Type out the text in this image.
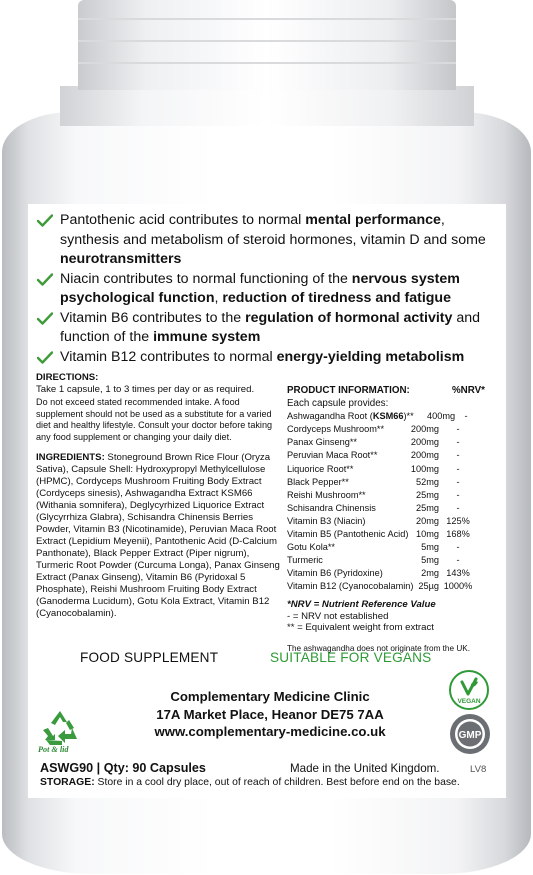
Pantothenic acid contributes to normal mental performance, synthesis and metabolism of steroid hormones, vitamin D and some neurotransmitters
Niacin contributes to normal functioning of the nervous system psychological function, reduction of tiredness and fatigue
Vitamin B6 contributes to the regulation of hormonal activity and function of the immune system
Vitamin B12 contributes to normal energy-yielding metabolism
DIRECTIONS:
Take 1 capsule, 1 to 3 times per day or as required.
Do not exceed stated recommended intake. A food supplement should not be used as a substitute for a varied diet and healthy lifestyle. Consult your doctor before taking any food supplement or changing your daily diet.
INGREDIENTS: Stoneground Brown Rice Flour (Oryza Sativa), Capsule Shell: Hydroxypropyl Methylcellulose (HPMC), Cordyceps Mushroom Fruiting Body Extract (Cordyceps sinesis), Ashwagandha Extract KSM66 (Withania somnifera), Deglycyrhized Liquorice Extract (Glycyrrhiza Glabra), Schisandra Chinensis Berries Powder, Vitamin B3 (Nicotinamide), Peruvian Maca Root Extract (Lepidium Meyenii), Pantothenic Acid (D-Calcium Panthonate), Black Pepper Extract (Piper nigrum), Turmeric Root Powder (Curcuma Longa), Panax Ginseng Extract (Panax Ginseng), Vitamin B6 (Pyridoxal 5 Phosphate), Reishi Mushroom Fruiting Body Extract (Ganoderma Lucidum), Gotu Kola Extract, Vitamin B12 (Cyanocobalamin).
PRODUCT INFORMATION:	%NRV*
Each capsule provides:
Ashwagandha Root (KSM66)**	400mg	-
Cordyceps Mushroom**	200mg	-
Panax Ginseng**	200mg	-
Peruvian Maca Root**	200mg	-
Liquorice Root**	100mg	-
Black Pepper**	52mg	-
Reishi Mushroom**	25mg	-
Schisandra Chinensis	25mg	-
Vitamin B3 (Niacin)	20mg 125%
Vitamin B5 (Pantothenic Acid) 10mg 168%
Gotu Kola**	5mg	-
Turmeric	5mg	-
Vitamin B6 (Pyridoxine)	2mg 143%
Vitamin B12 (Cyanocobalamin) 25µg 1000%
*NRV = Nutrient Reference Value
- = NRV not established
** = Equivalent weight from extract
The ashwagandha does not originate from the UK.
FOOD SUPPLEMENT	SUITABLE FOR VEGANS
Complementary Medicine Clinic
17A Market Place, Heanor DE75 7AA
www.complementary-medicine.co.uk
Pot & lid
VEGAN
GMP
ASWG90 | Qty: 90 Capsules	Made in the United Kingdom.	LV8
STORAGE: Store in a cool dry place, out of reach of children. Best before end on the base.
